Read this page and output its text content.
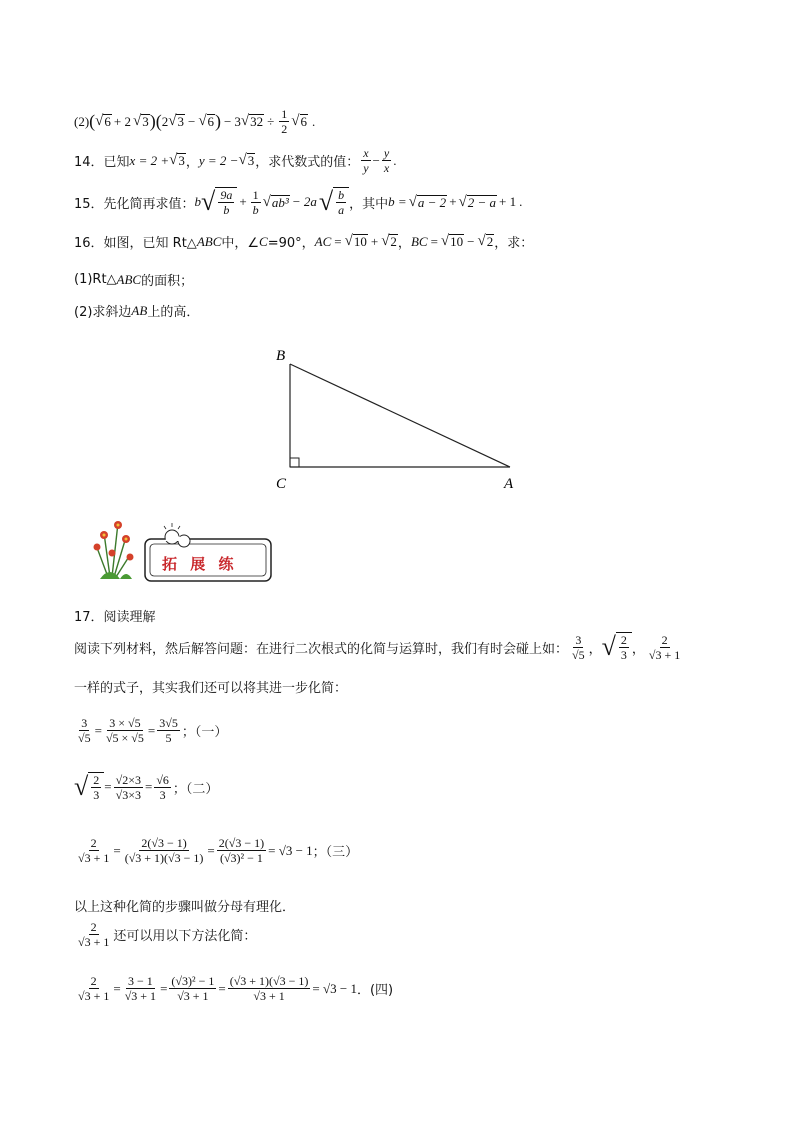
(2) ( √ 6 + 2 √ 3 )( 2 √ 3 − √ 6 ) − 3 √ $32 \div \frac{1}{2}$ √ 6 .
14．已知 x = 2 + √ 3 ， y = 2 − √ 3 ，求代数式的值： $\frac{x}{y} - \frac{y}{x}$ .
15．先化简再求值： b √ $\frac{9a}{b} + \frac{1}{b}$ √ ab³ − 2a √ $\frac{b}{a}$ ，其中 b = √ a − 2 + √ 2 − a + 1 .
16．如图，已知 Rt△ ABC 中，∠ C =90°， AC = √ 10 + √ 2 ， BC = √ 10 − √ 2 ，求：
(1)Rt△ ABC 的面积；
(2)求斜边 AB 上的高．
B
C	A
拓 展 练
17．阅读理解
阅读下列材料，然后解答问题：在进行二次根式的化简与运算时，我们有时会碰上如： $\frac{3}{√5}$ ， √ $\frac{2}{3}$ ， $\frac{2}{√3 + 1}$
一样的式子，其实我们还可以将其进一步化简：
$\frac{3}{√5} = \frac{3 \times √5}{√5 \times √5} = \frac{3√5}{5}$ ；（一）
√ $\frac{2}{3} = \frac{√2\times 3}{√3\times 3} = \frac{√6}{3}$ ；（二）
$\frac{2}{√3 + 1} = \frac{2(√3 - 1)}{(√3 + 1)(√3 - 1)} = \frac{2(√3 - 1)}{\text{(√3)² − 1}} = √3 - 1$ ；（三）
以上这种化简的步骤叫做分母有理化．
$\frac{2}{√3 + 1}$ 还可以用以下方法化简：
$\frac{2}{√3 + 1} = \frac{3 - 1}{√3 + 1} = \frac{\text{(√3)² − 1}}{√3 + 1} = \frac{(√3 + 1)(√3 - 1)}{√3 + 1} = √3 - 1$ ．(四)
